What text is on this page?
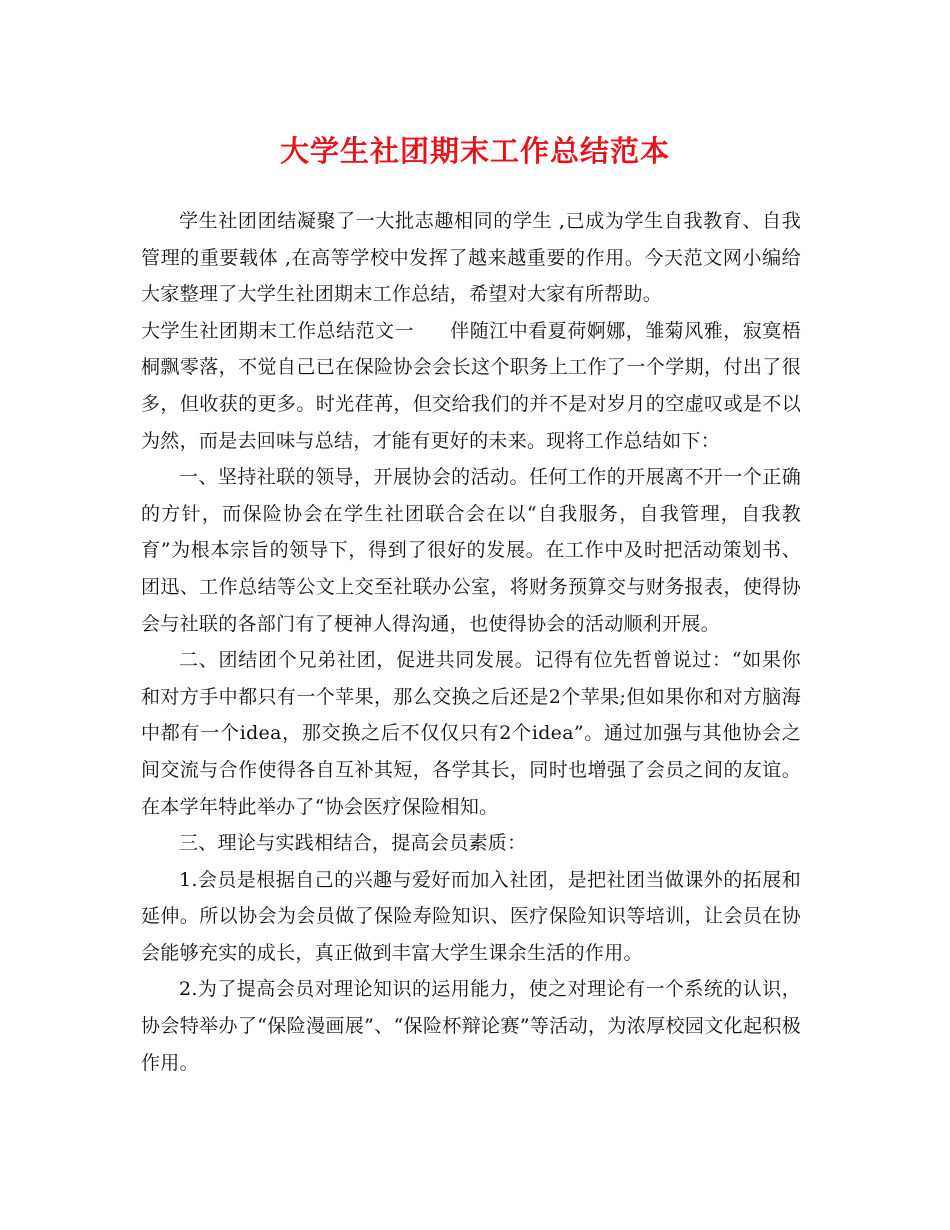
大学生社团期末工作总结范本

学生社团团结凝聚了一大批志趣相同的学生 ,已成为学生自我教育、自我管理的重要载体 ,在高等学校中发挥了越来越重要的作用。今天范文网小编给大家整理了大学生社团期末工作总结，希望对大家有所帮助。

大学生社团期末工作总结范文一 伴随江中看夏荷婀娜，雏菊风雅，寂寞梧桐飘零落，不觉自己已在保险协会会长这个职务上工作了一个学期，付出了很多，但收获的更多。时光荏苒，但交给我们的并不是对岁月的空虚叹或是不以为然，而是去回味与总结，才能有更好的未来。现将工作总结如下：

一、坚持社联的领导，开展协会的活动。任何工作的开展离不开一个正确的方针，而保险协会在学生社团联合会在以“自我服务，自我管理，自我教育”为根本宗旨的领导下，得到了很好的发展。在工作中及时把活动策划书、团迅、工作总结等公文上交至社联办公室，将财务预算交与财务报表，使得协会与社联的各部门有了梗神人得沟通，也使得协会的活动顺利开展。

二、团结团个兄弟社团，促进共同发展。记得有位先哲曾说过：“如果你和对方手中都只有一个苹果，那么交换之后还是2个苹果;但如果你和对方脑海中都有一个idea，那交换之后不仅仅只有2个idea”。通过加强与其他协会之间交流与合作使得各自互补其短，各学其长，同时也增强了会员之间的友谊。在本学年特此举办了“协会医疗保险相知。

三、理论与实践相结合，提高会员素质：

1.会员是根据自己的兴趣与爱好而加入社团，是把社团当做课外的拓展和延伸。所以协会为会员做了保险寿险知识、医疗保险知识等培训，让会员在协会能够充实的成长，真正做到丰富大学生课余生活的作用。

2.为了提高会员对理论知识的运用能力，使之对理论有一个系统的认识，协会特举办了“保险漫画展”、“保险杯辩论赛”等活动，为浓厚校园文化起积极作用。
